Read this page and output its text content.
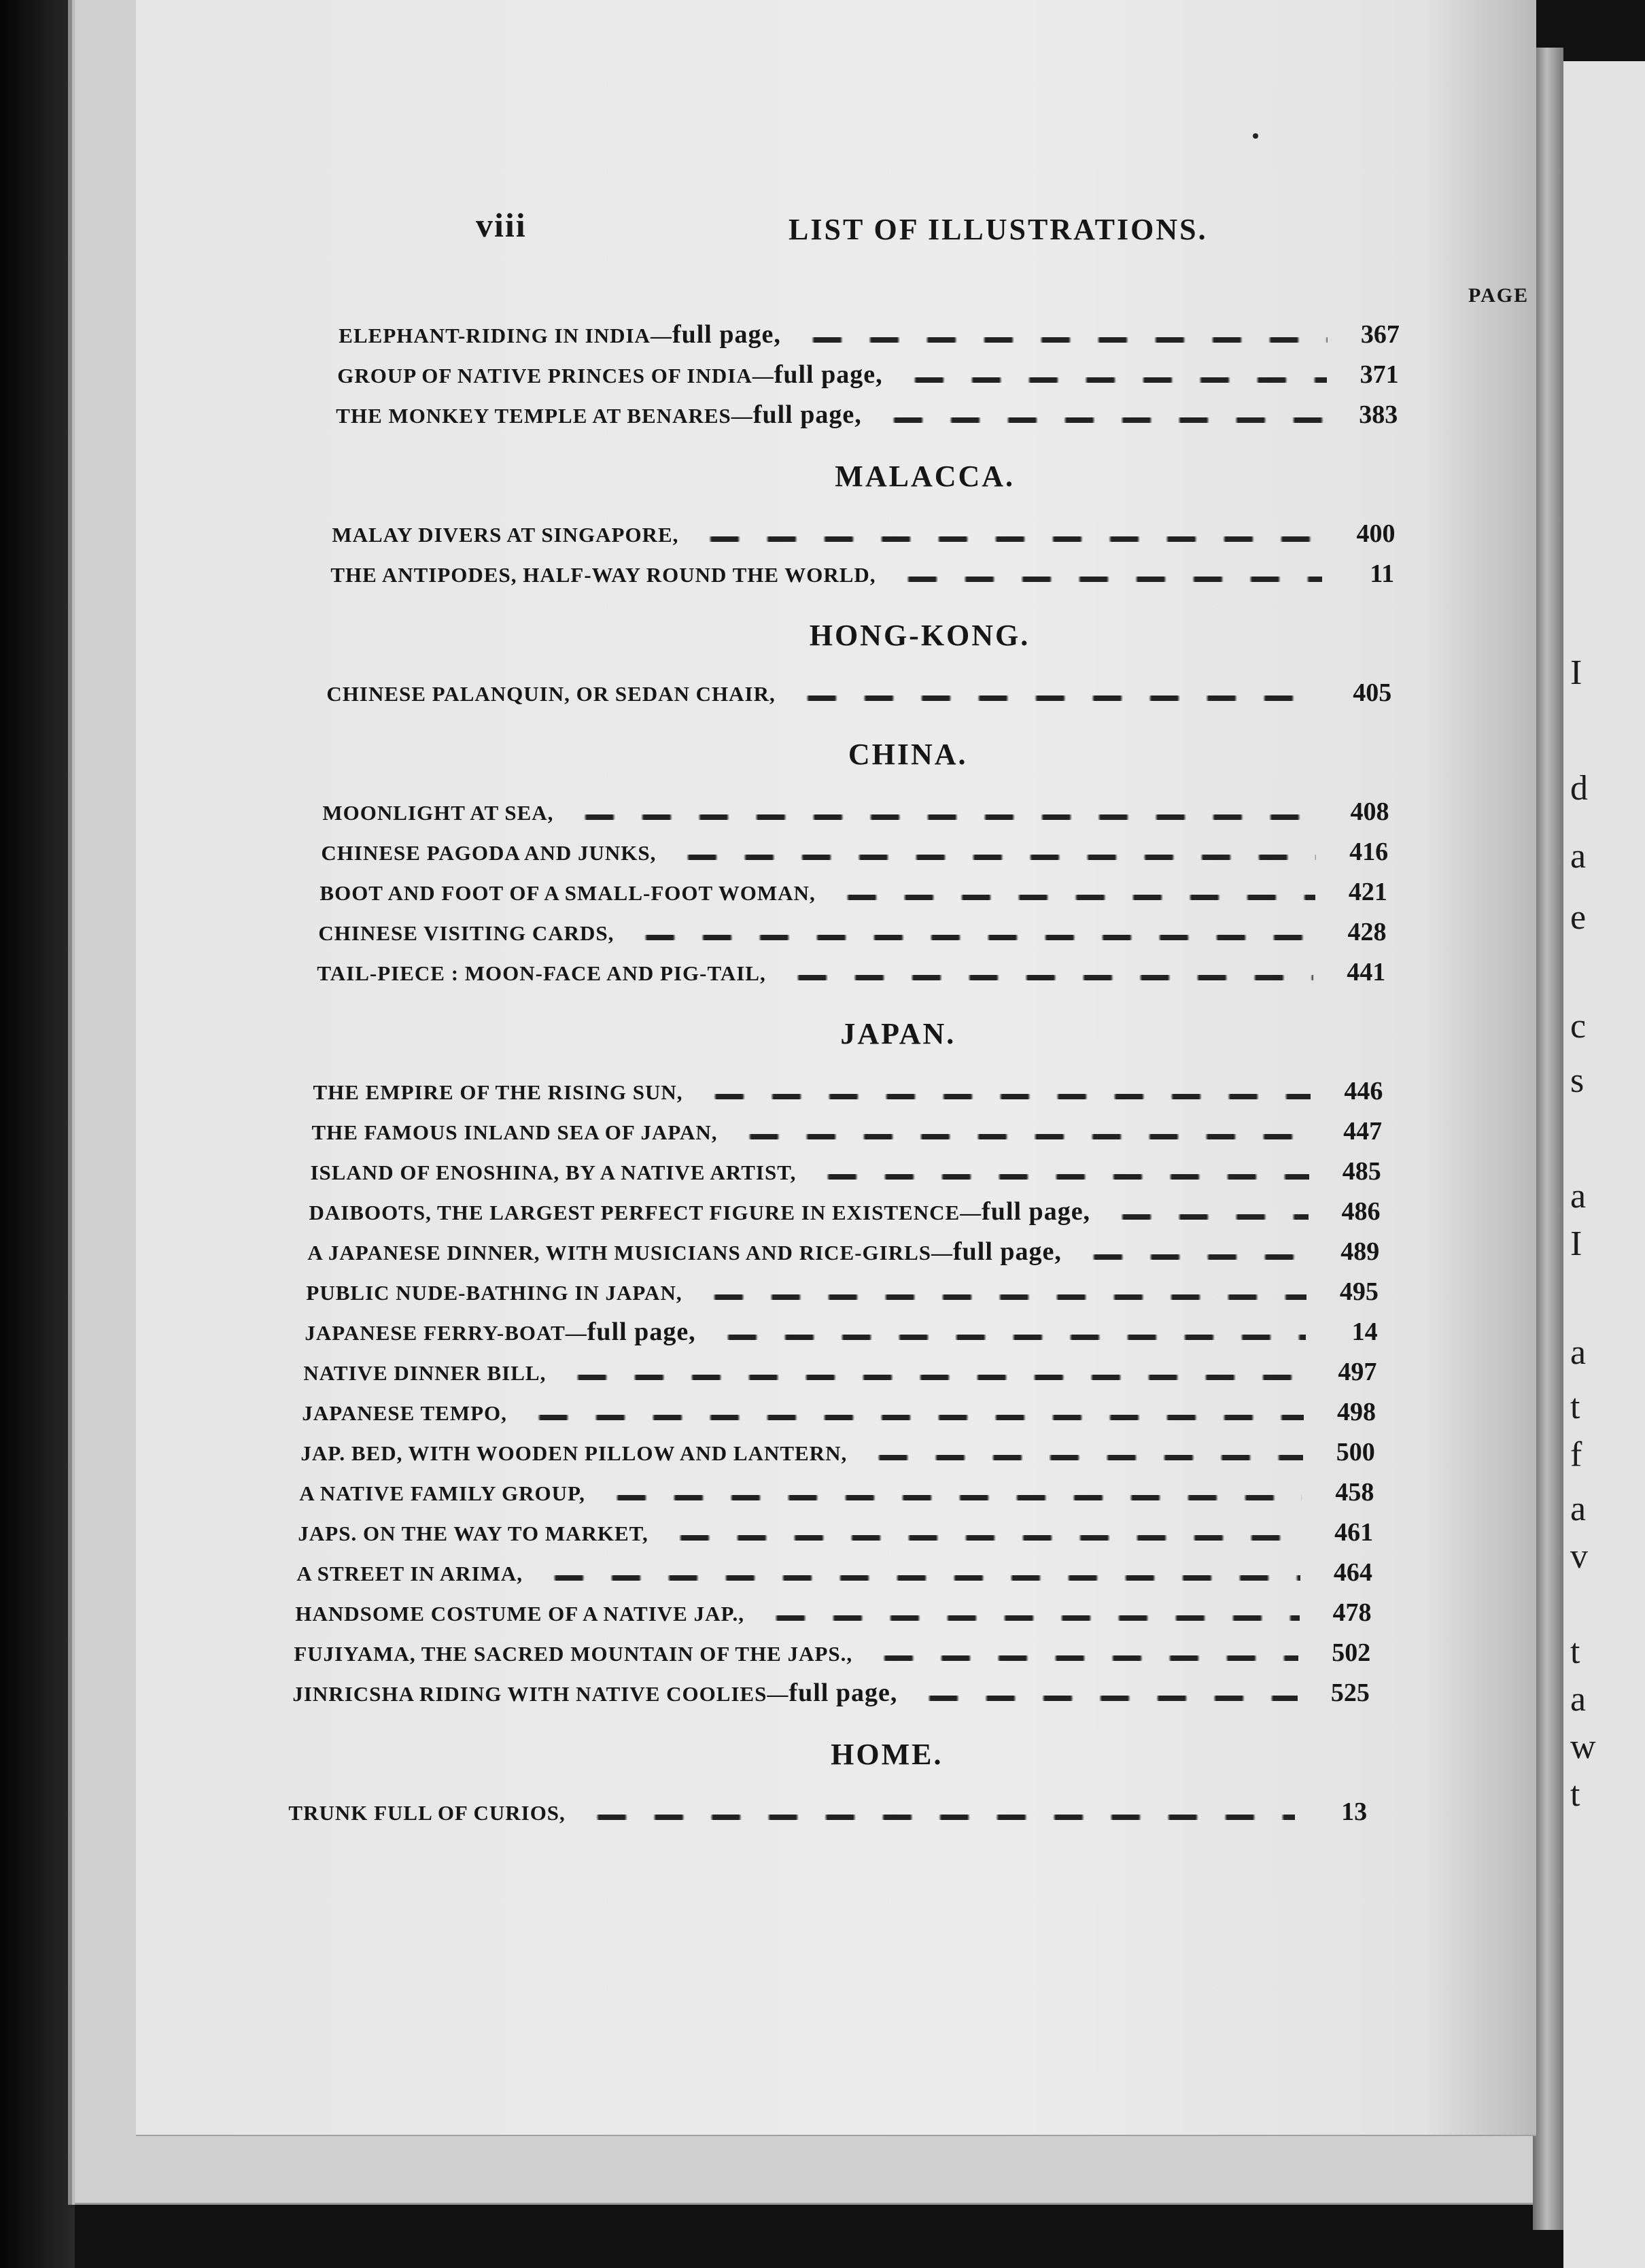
I
d
a
e
c
s
a
I
a
t
f
a
v
t
a
w
t
viii	LIST OF ILLUSTRATIONS.
PAGE
ELEPHANT-RIDING IN INDIA—full page,	367
GROUP OF NATIVE PRINCES OF INDIA—full page,	371
THE MONKEY TEMPLE AT BENARES—full page,	383
MALACCA.
MALAY DIVERS AT SINGAPORE,	400
THE ANTIPODES, HALF-WAY ROUND THE WORLD,	11
HONG-KONG.
CHINESE PALANQUIN, OR SEDAN CHAIR,	405
CHINA.
MOONLIGHT AT SEA,	408
CHINESE PAGODA AND JUNKS,	416
BOOT AND FOOT OF A SMALL-FOOT WOMAN,	421
CHINESE VISITING CARDS,	428
TAIL-PIECE : MOON-FACE AND PIG-TAIL,	441
JAPAN.
THE EMPIRE OF THE RISING SUN,	446
THE FAMOUS INLAND SEA OF JAPAN,	447
ISLAND OF ENOSHINA, BY A NATIVE ARTIST,	485
DAIBOOTS, THE LARGEST PERFECT FIGURE IN EXISTENCE—full page,	486
A JAPANESE DINNER, WITH MUSICIANS AND RICE-GIRLS—full page,	489
PUBLIC NUDE-BATHING IN JAPAN,	495
JAPANESE FERRY-BOAT—full page,	14
NATIVE DINNER BILL,	497
JAPANESE TEMPO,	498
JAP. BED, WITH WOODEN PILLOW AND LANTERN,	500
A NATIVE FAMILY GROUP,	458
JAPS. ON THE WAY TO MARKET,	461
A STREET IN ARIMA,	464
HANDSOME COSTUME OF A NATIVE JAP.,	478
FUJIYAMA, THE SACRED MOUNTAIN OF THE JAPS.,	502
JINRICSHA RIDING WITH NATIVE COOLIES—full page,	525
HOME.
TRUNK FULL OF CURIOS,	13
